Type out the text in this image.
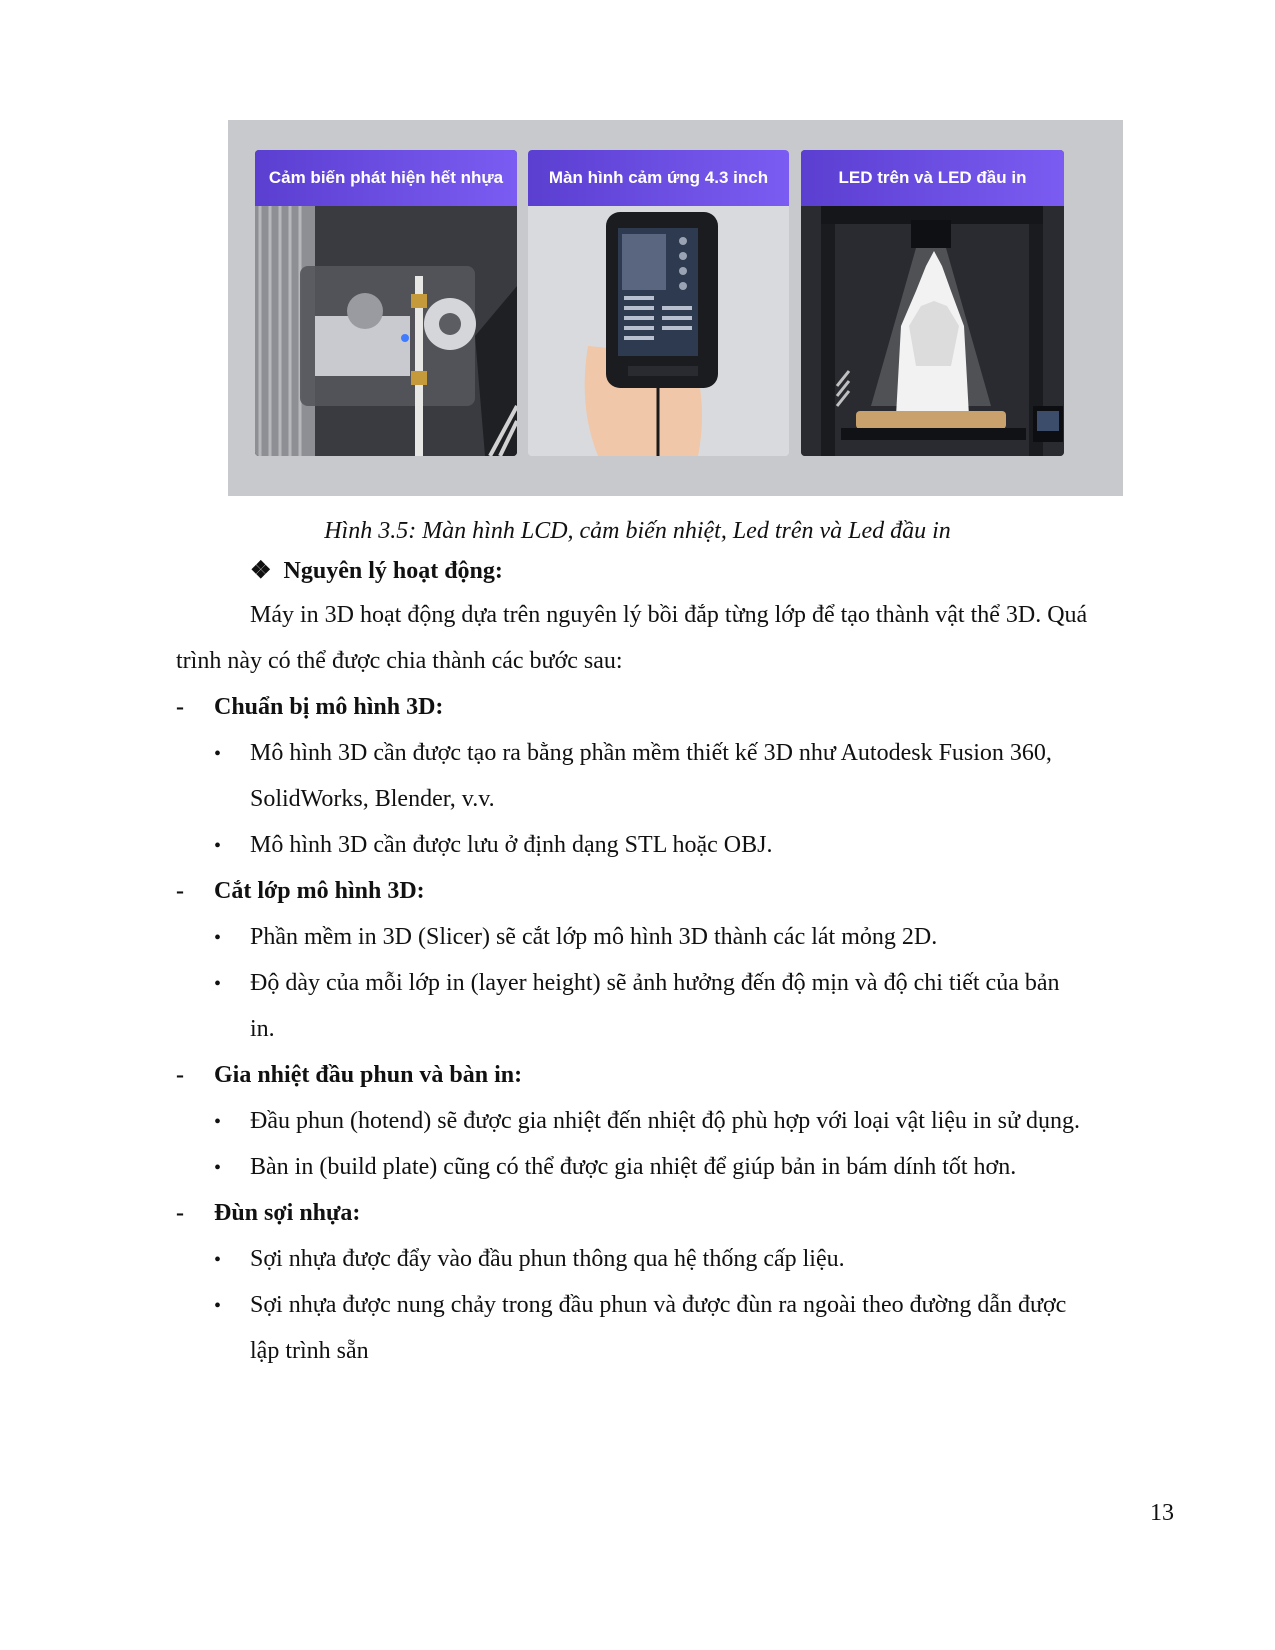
Cảm biến phát hiện hết nhựa	Màn hình cảm ứng 4.3 inch	LED trên và LED đầu in
Hình 3.5: Màn hình LCD, cảm biến nhiệt, Led trên và Led đầu in
❖ Nguyên lý hoạt động:
Máy in 3D hoạt động dựa trên nguyên lý bồi đắp từng lớp để tạo thành vật thể 3D. Quá
trình này có thể được chia thành các bước sau:
- Chuẩn bị mô hình 3D:
• Mô hình 3D cần được tạo ra bằng phần mềm thiết kế 3D như Autodesk Fusion 360,
SolidWorks, Blender, v.v.
• Mô hình 3D cần được lưu ở định dạng STL hoặc OBJ.
- Cắt lớp mô hình 3D:
• Phần mềm in 3D (Slicer) sẽ cắt lớp mô hình 3D thành các lát mỏng 2D.
• Độ dày của mỗi lớp in (layer height) sẽ ảnh hưởng đến độ mịn và độ chi tiết của bản
in.
- Gia nhiệt đầu phun và bàn in:
• Đầu phun (hotend) sẽ được gia nhiệt đến nhiệt độ phù hợp với loại vật liệu in sử dụng.
• Bàn in (build plate) cũng có thể được gia nhiệt để giúp bản in bám dính tốt hơn.
- Đùn sợi nhựa:
• Sợi nhựa được đẩy vào đầu phun thông qua hệ thống cấp liệu.
• Sợi nhựa được nung chảy trong đầu phun và được đùn ra ngoài theo đường dẫn được
lập trình sẵn
13
